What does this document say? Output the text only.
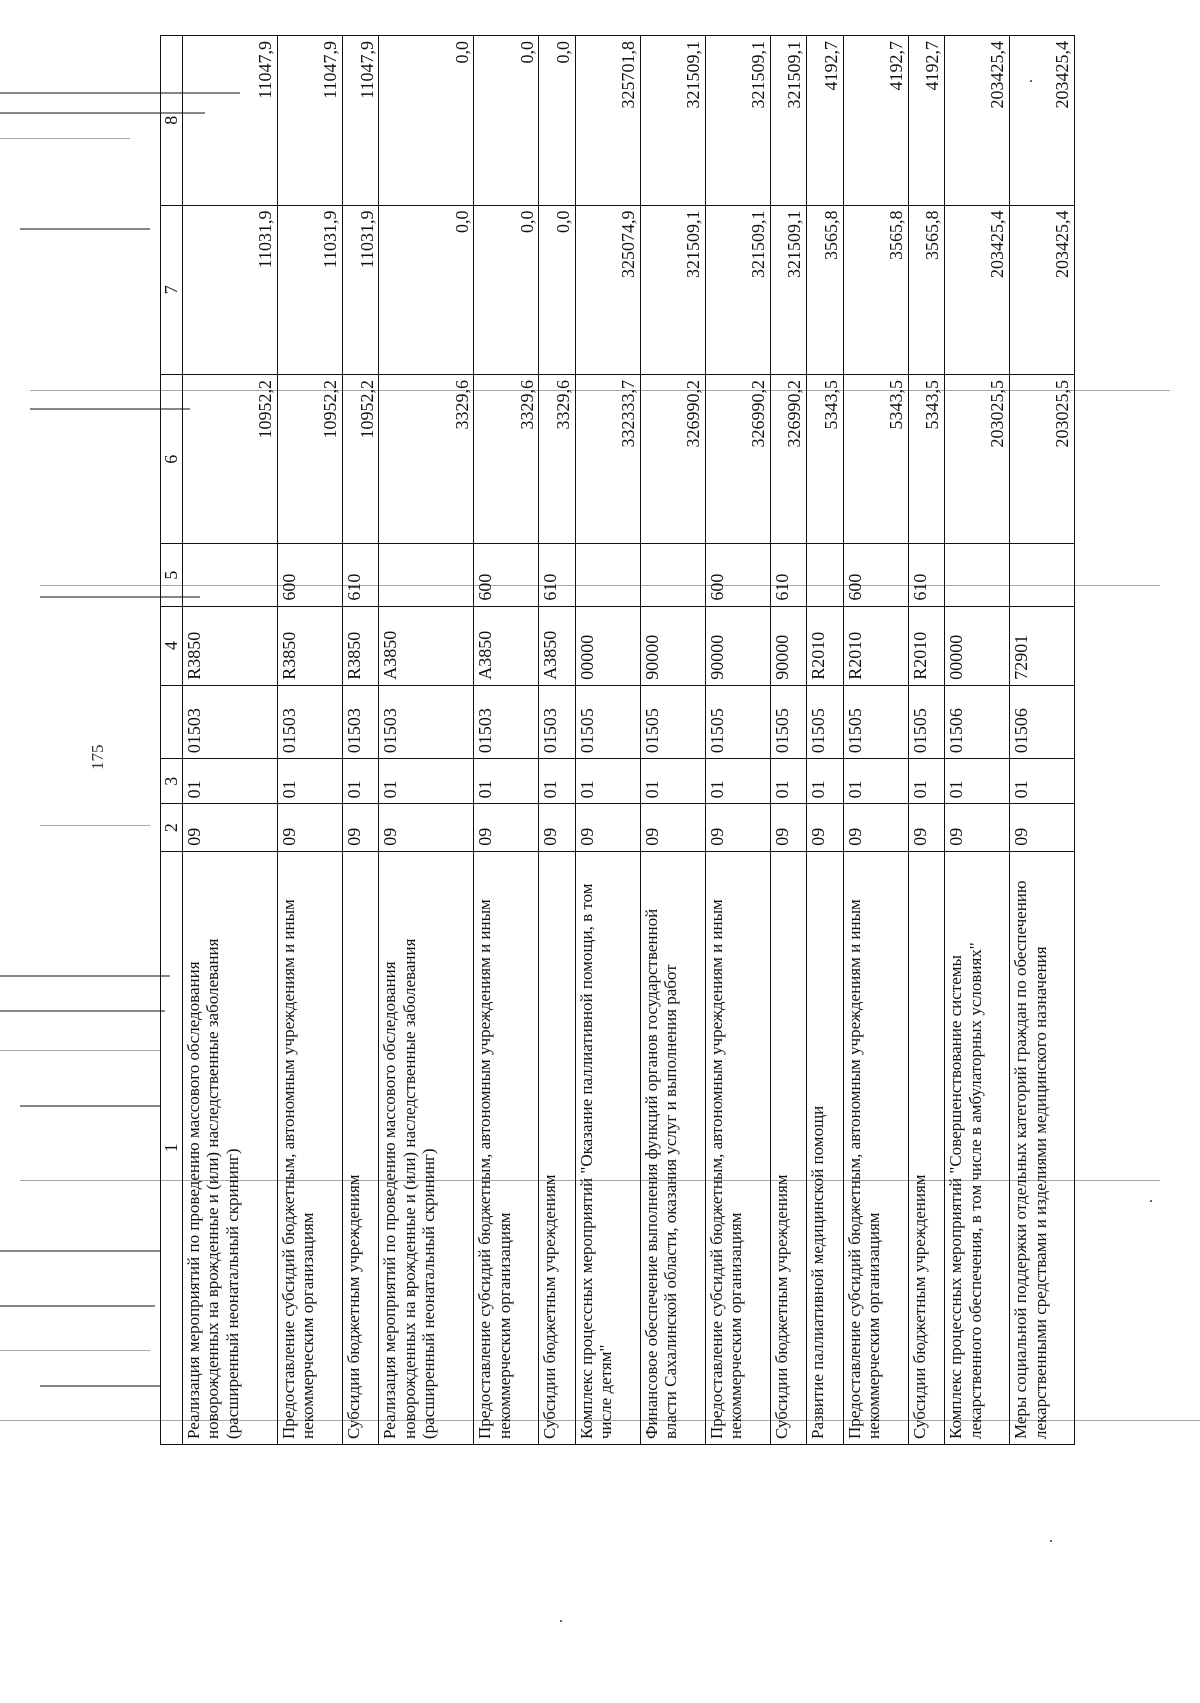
175
1	2	3		4	5	6	7	8
Реализация мероприятий по проведению массового обследования новорожденных на врожденные и (или) наследственные заболевания (расширенный неонатальный скрининг)	09	01	01503	R3850		10952,2	11031,9	11047,9
Предоставление субсидий бюджетным, автономным учреждениям и иным некоммерческим организациям	09	01	01503	R3850	600	10952,2	11031,9	11047,9
Субсидии бюджетным учреждениям	09	01	01503	R3850	610	10952,2	11031,9	11047,9
Реализация мероприятий по проведению массового обследования новорожденных на врожденные и (или) наследственные заболевания (расширенный неонатальный скрининг)	09	01	01503	А3850		3329,6	0,0	0,0
Предоставление субсидий бюджетным, автономным учреждениям и иным некоммерческим организациям	09	01	01503	А3850	600	3329,6	0,0	0,0
Субсидии бюджетным учреждениям	09	01	01503	А3850	610	3329,6	0,0	0,0
Комплекс процессных мероприятий "Оказание паллиативной помощи, в том числе детям"	09	01	01505	00000		332333,7	325074,9	325701,8
Финансовое обеспечение выполнения функций органов государственной власти Сахалинской области, оказания услуг и выполнения работ	09	01	01505	90000		326990,2	321509,1	321509,1
Предоставление субсидий бюджетным, автономным учреждениям и иным некоммерческим организациям	09	01	01505	90000	600	326990,2	321509,1	321509,1
Субсидии бюджетным учреждениям	09	01	01505	90000	610	326990,2	321509,1	321509,1
Развитие паллиативной медицинской помощи	09	01	01505	R2010		5343,5	3565,8	4192,7
Предоставление субсидий бюджетным, автономным учреждениям и иным некоммерческим организациям	09	01	01505	R2010	600	5343,5	3565,8	4192,7
Субсидии бюджетным учреждениям	09	01	01505	R2010	610	5343,5	3565,8	4192,7
Комплекс процессных мероприятий "Совершенствование системы лекарственного обеспечения, в том числе в амбулаторных условиях"	09	01	01506	00000		203025,5	203425,4	203425,4
Меры социальной поддержки отдельных категорий граждан по обеспечению лекарственными средствами и изделиями медицинского назначения	09	01	01506	72901		203025,5	203425,4	203425,4
